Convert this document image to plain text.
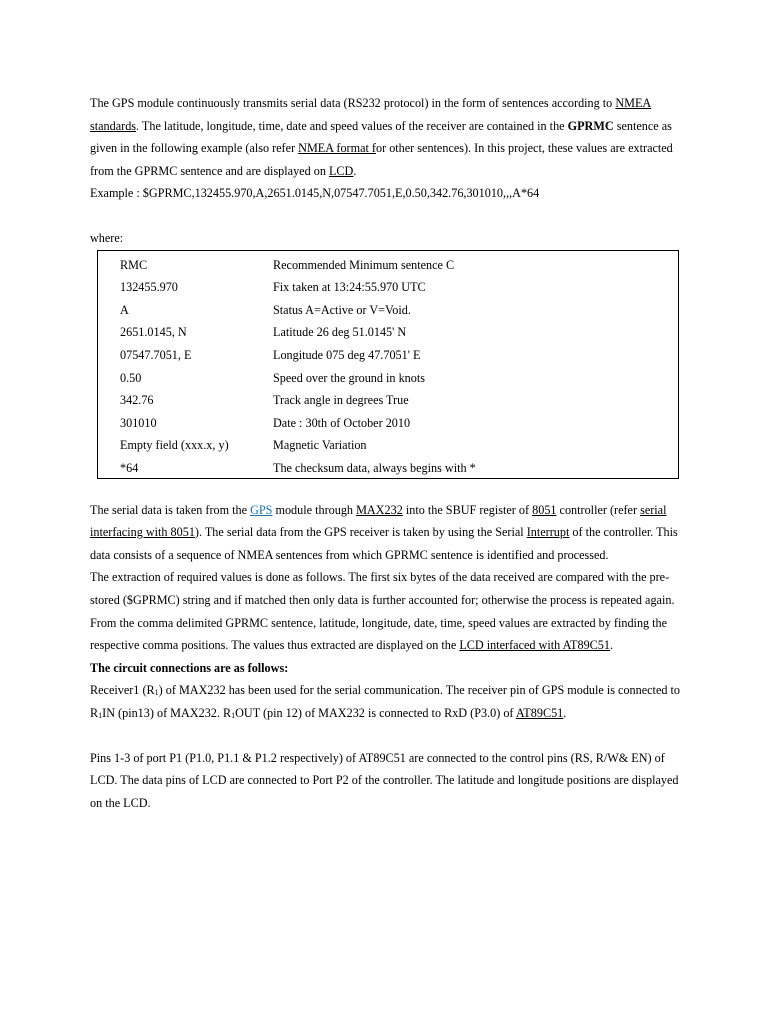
The GPS module continuously transmits serial data (RS232 protocol) in the form of sentences according to NMEA standards. The latitude, longitude, time, date and speed values of the receiver are contained in the GPRMC sentence as given in the following example (also refer NMEA format for other sentences). In this project, these values are extracted from the GPRMC sentence and are displayed on LCD.

Example : $GPRMC,132455.970,A,2651.0145,N,07547.7051,E,0.50,342.76,301010,,,A*64

where:

RMC	Recommended Minimum sentence C
132455.970	Fix taken at 13:24:55.970 UTC
A	Status A=Active or V=Void.
2651.0145, N	Latitude 26 deg 51.0145' N
07547.7051, E	Longitude 075 deg 47.7051' E
0.50	Speed over the ground in knots
342.76	Track angle in degrees True
301010	Date : 30th of October 2010
Empty field (xxx.x, y)	Magnetic Variation
*64	The checksum data, always begins with *

The serial data is taken from the GPS module through MAX232 into the SBUF register of 8051 controller (refer serial interfacing with 8051). The serial data from the GPS receiver is taken by using the Serial Interrupt of the controller. This data consists of a sequence of NMEA sentences from which GPRMC sentence is identified and processed.

The extraction of required values is done as follows. The first six bytes of the data received are compared with the pre-stored ($GPRMC) string and if matched then only data is further accounted for; otherwise the process is repeated again. From the comma delimited GPRMC sentence, latitude, longitude, date, time, speed values are extracted by finding the respective comma positions. The values thus extracted are displayed on the LCD interfaced with AT89C51.

The circuit connections are as follows:

Receiver1 $(R_1)$ of MAX232 has been used for the serial communication. The receiver pin of GPS module is connected to $R_1IN$ (pin13) of MAX232. $R_1OUT$ (pin 12) of MAX232 is connected to RxD (P3.0) of AT89C51.

Pins 1-3 of port P1 (P1.0, P1.1 & P1.2 respectively) of AT89C51 are connected to the control pins (RS, R/W& EN) of LCD. The data pins of LCD are connected to Port P2 of the controller. The latitude and longitude positions are displayed on the LCD.
